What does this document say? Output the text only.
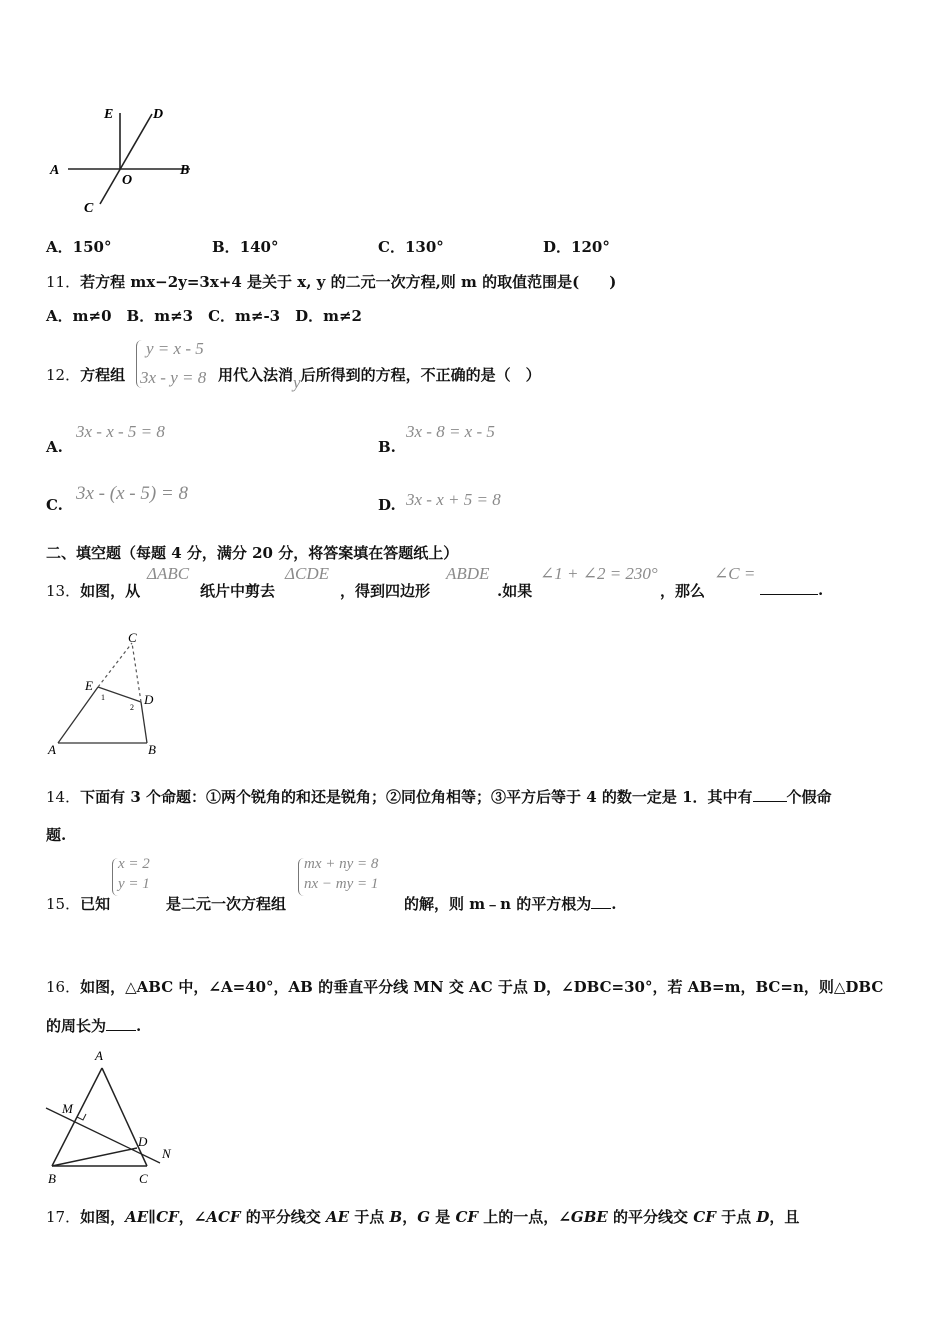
E	D
A
O
B
C
A．150°	B．140°	C．130°	D．120°
11．若方程 mx−2y=3x+4 是关于 x, y 的二元一次方程,则 m 的取值范围是(　　)
A．m≠0　B．m≠3　C．m≠-3　D．m≠2
12．方程组
y = x - 5
3x - y = 8 用代入法消y后所得到的方程，不正确的是（　）
A.
3x - x - 5 = 8
B.
3x - 8 = x - 5
C.
3x - (x - 5) = 8
D. 3x - x + 5 = 8
二、填空题（每题 4 分，满分 20 分，将答案填在答题纸上）
13．如图，从
ΔABC
纸片中剪去
ΔCDE
，得到四边形
ABDE
.如果
∠1 + ∠2 = 230°
，那么
∠C =
.
C
E
D
A	B
1
2
14．下面有 3 个命题：①两个锐角的和还是锐角；②同位角相等；③平方后等于 4 的数一定是 1．其中有 个假命
题.
15．已知
x = 2
y = 1
是二元一次方程组
mx + ny = 8
nx − my = 1
的解，则 m﹣n 的平方根为 .
16．如图，△ABC 中，∠A=40°，AB 的垂直平分线 MN 交 AC 于点 D，∠DBC=30°，若 AB=m，BC=n，则△DBC
的周长为 .
A
M
D
N
B	C
17．如图，AE∥CF，∠ACF 的平分线交 AE 于点 B，G 是 CF 上的一点，∠GBE 的平分线交 CF 于点 D，且
